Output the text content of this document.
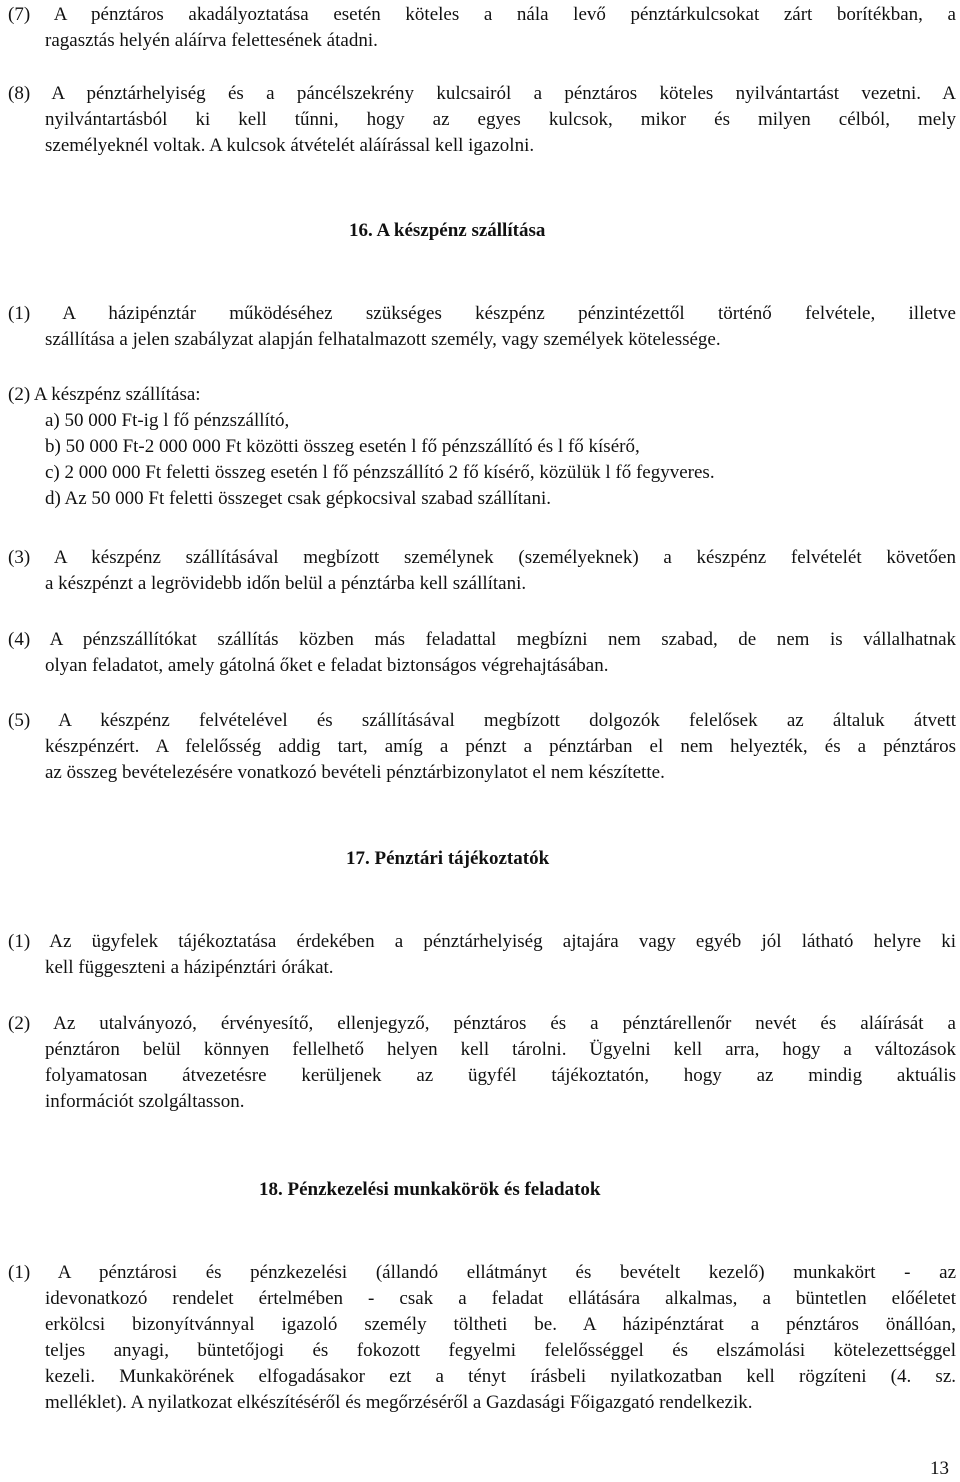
(7) A pénztáros akadályoztatása esetén köteles a nála levő pénztárkulcsokat zárt borítékban, a
ragasztás helyén aláírva felettesének átadni.
(8) A pénztárhelyiség és a páncélszekrény kulcsairól a pénztáros köteles nyilvántartást vezetni. A
nyilvántartásból ki kell tűnni, hogy az egyes kulcsok, mikor és milyen célból, mely
személyeknél voltak. A kulcsok átvételét aláírással kell igazolni.
16. A készpénz szállítása
(1) A házipénztár működéséhez szükséges készpénz pénzintézettől történő felvétele, illetve
szállítása a jelen szabályzat alapján felhatalmazott személy, vagy személyek kötelessége.
(2) A készpénz szállítása:
a) 50 000 Ft-ig l fő pénzszállító,
b) 50 000 Ft-2 000 000 Ft közötti összeg esetén l fő pénzszállító és l fő kísérő,
c) 2 000 000 Ft feletti összeg esetén l fő pénzszállító 2 fő kísérő, közülük l fő fegyveres.
d) Az 50 000 Ft feletti összeget csak gépkocsival szabad szállítani.
(3) A készpénz szállításával megbízott személynek (személyeknek) a készpénz felvételét követően
a készpénzt a legrövidebb időn belül a pénztárba kell szállítani.
(4) A pénzszállítókat szállítás közben más feladattal megbízni nem szabad, de nem is vállalhatnak
olyan feladatot, amely gátolná őket e feladat biztonságos végrehajtásában.
(5) A készpénz felvételével és szállításával megbízott dolgozók felelősek az általuk átvett
készpénzért. A felelősség addig tart, amíg a pénzt a pénztárban el nem helyezték, és a pénztáros
az összeg bevételezésére vonatkozó bevételi pénztárbizonylatot el nem készítette.
17. Pénztári tájékoztatók
(1) Az ügyfelek tájékoztatása érdekében a pénztárhelyiség ajtajára vagy egyéb jól látható helyre ki
kell függeszteni a házipénztári órákat.
(2) Az utalványozó, érvényesítő, ellenjegyző, pénztáros és a pénztárellenőr nevét és aláírását a
pénztáron belül könnyen fellelhető helyen kell tárolni. Ügyelni kell arra, hogy a változások
folyamatosan átvezetésre kerüljenek az ügyfél tájékoztatón, hogy az mindig aktuális
információt szolgáltasson.
18. Pénzkezelési munkakörök és feladatok
(1) A pénztárosi és pénzkezelési (állandó ellátmányt és bevételt kezelő) munkakört - az
idevonatkozó rendelet értelmében - csak a feladat ellátására alkalmas, a büntetlen előéletet
erkölcsi bizonyítvánnyal igazoló személy töltheti be. A házipénztárat a pénztáros önállóan,
teljes anyagi, büntetőjogi és fokozott fegyelmi felelősséggel és elszámolási kötelezettséggel
kezeli. Munkakörének elfogadásakor ezt a tényt írásbeli nyilatkozatban kell rögzíteni (4. sz.
melléklet). A nyilatkozat elkészítéséről és megőrzéséről a Gazdasági Főigazgató rendelkezik.
13
